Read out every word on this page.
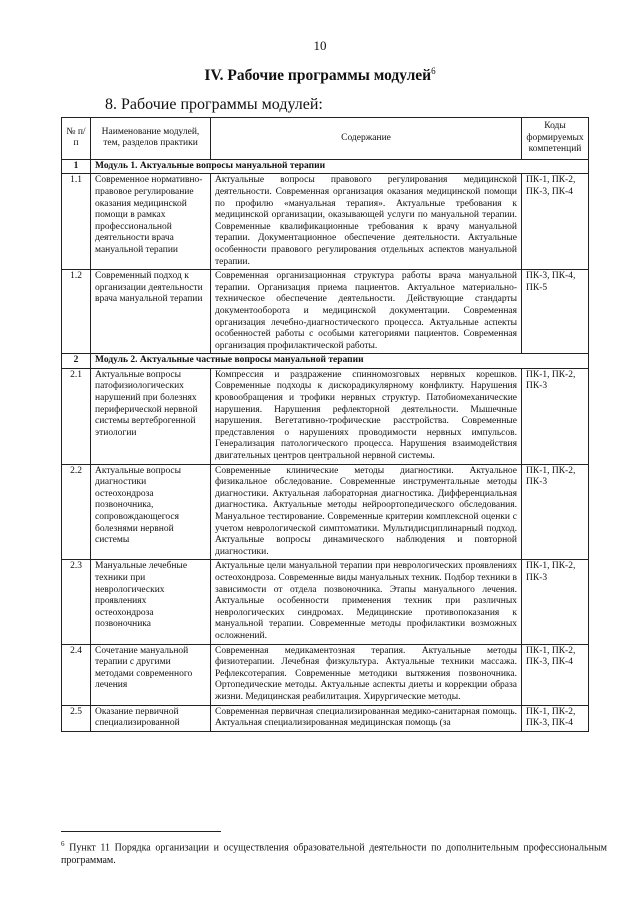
10
IV. Рабочие программы модулей$^6$
8. Рабочие программы модулей:
№ п/п	Наименование модулей, тем, разделов практики	Содержание	Коды формируемых компетенций
1	Модуль 1. Актуальные вопросы мануальной терапии		
1.1	Современное нормативно-правовое регулирование оказания медицинской помощи в рамках профессиональной деятельности врача мануальной терапии	Актуальные вопросы правового регулирования медицинской деятельности. Современная организация оказания медицинской помощи по профилю «мануальная терапия». Актуальные требования к медицинской организации, оказывающей услуги по мануальной терапии. Современные квалификационные требования к врачу мануальной терапии. Документационное обеспечение деятельности. Актуальные особенности правового регулирования отдельных аспектов мануальной терапии.	ПК-1, ПК-2, ПК-3, ПК-4
1.2	Современный подход к организации деятельности врача мануальной терапии	Современная организационная структура работы врача мануальной терапии. Организация приема пациентов. Актуальное материально-техническое обеспечение деятельности. Действующие стандарты документооборота и медицинской документации. Современная организация лечебно-диагностического процесса. Актуальные аспекты особенностей работы с особыми категориями пациентов. Современная организация профилактической работы.	ПК-3, ПК-4, ПК-5
2	Модуль 2. Актуальные частные вопросы мануальной терапии		
2.1	Актуальные вопросы патофизиологических нарушений при болезнях периферической нервной системы вертеброгенной этиологии	Компрессия и раздражение спинномозговых нервных корешков. Современные подходы к дискорадикулярному конфликту. Нарушения кровообращения и трофики нервных структур. Патобиомеханические нарушения. Нарушения рефлекторной деятельности. Мышечные нарушения. Вегетативно-трофические расстройства. Современные представления о нарушениях проводимости нервных импульсов. Генерализация патологического процесса. Нарушения взаимодействия двигательных центров центральной нервной системы.	ПК-1, ПК-2, ПК-3
2.2	Актуальные вопросы диагностики остеохондроза позвоночника, сопровождающегося болезнями нервной системы	Современные клинические методы диагностики. Актуальное физикальное обследование. Современные инструментальные методы диагностики. Актуальная лабораторная диагностика. Дифференциальная диагностика. Актуальные методы нейроортопедического обследования. Мануальное тестирование. Современные критерии комплексной оценки с учетом неврологической симптоматики. Мультидисциплинарный подход. Актуальные вопросы динамического наблюдения и повторной диагностики.	ПК-1, ПК-2, ПК-3
2.3	Мануальные лечебные техники при неврологических проявлениях остеохондроза позвоночника	Актуальные цели мануальной терапии при неврологических проявлениях остеохондроза. Современные виды мануальных техник. Подбор техники в зависимости от отдела позвоночника. Этапы мануального лечения. Актуальные особенности применения техник при различных неврологических синдромах. Медицинские противопоказания к мануальной терапии. Современные методы профилактики возможных осложнений.	ПК-1, ПК-2, ПК-3
2.4	Сочетание мануальной терапии с другими методами современного лечения	Современная медикаментозная терапия. Актуальные методы физиотерапии. Лечебная физкультура. Актуальные техники массажа. Рефлексотерапия. Современные методики вытяжения позвоночника. Ортопедические методы. Актуальные аспекты диеты и коррекции образа жизни. Медицинская реабилитация. Хирургические методы.	ПК-1, ПК-2, ПК-3, ПК-4
2.5	Оказание первичной специализированной	Современная первичная специализированная медико-санитарная помощь. Актуальная специализированная медицинская помощь (за	ПК-1, ПК-2, ПК-3, ПК-4
$^6$ Пункт 11 Порядка организации и осуществления образовательной деятельности по дополнительным профессиональным программам.
